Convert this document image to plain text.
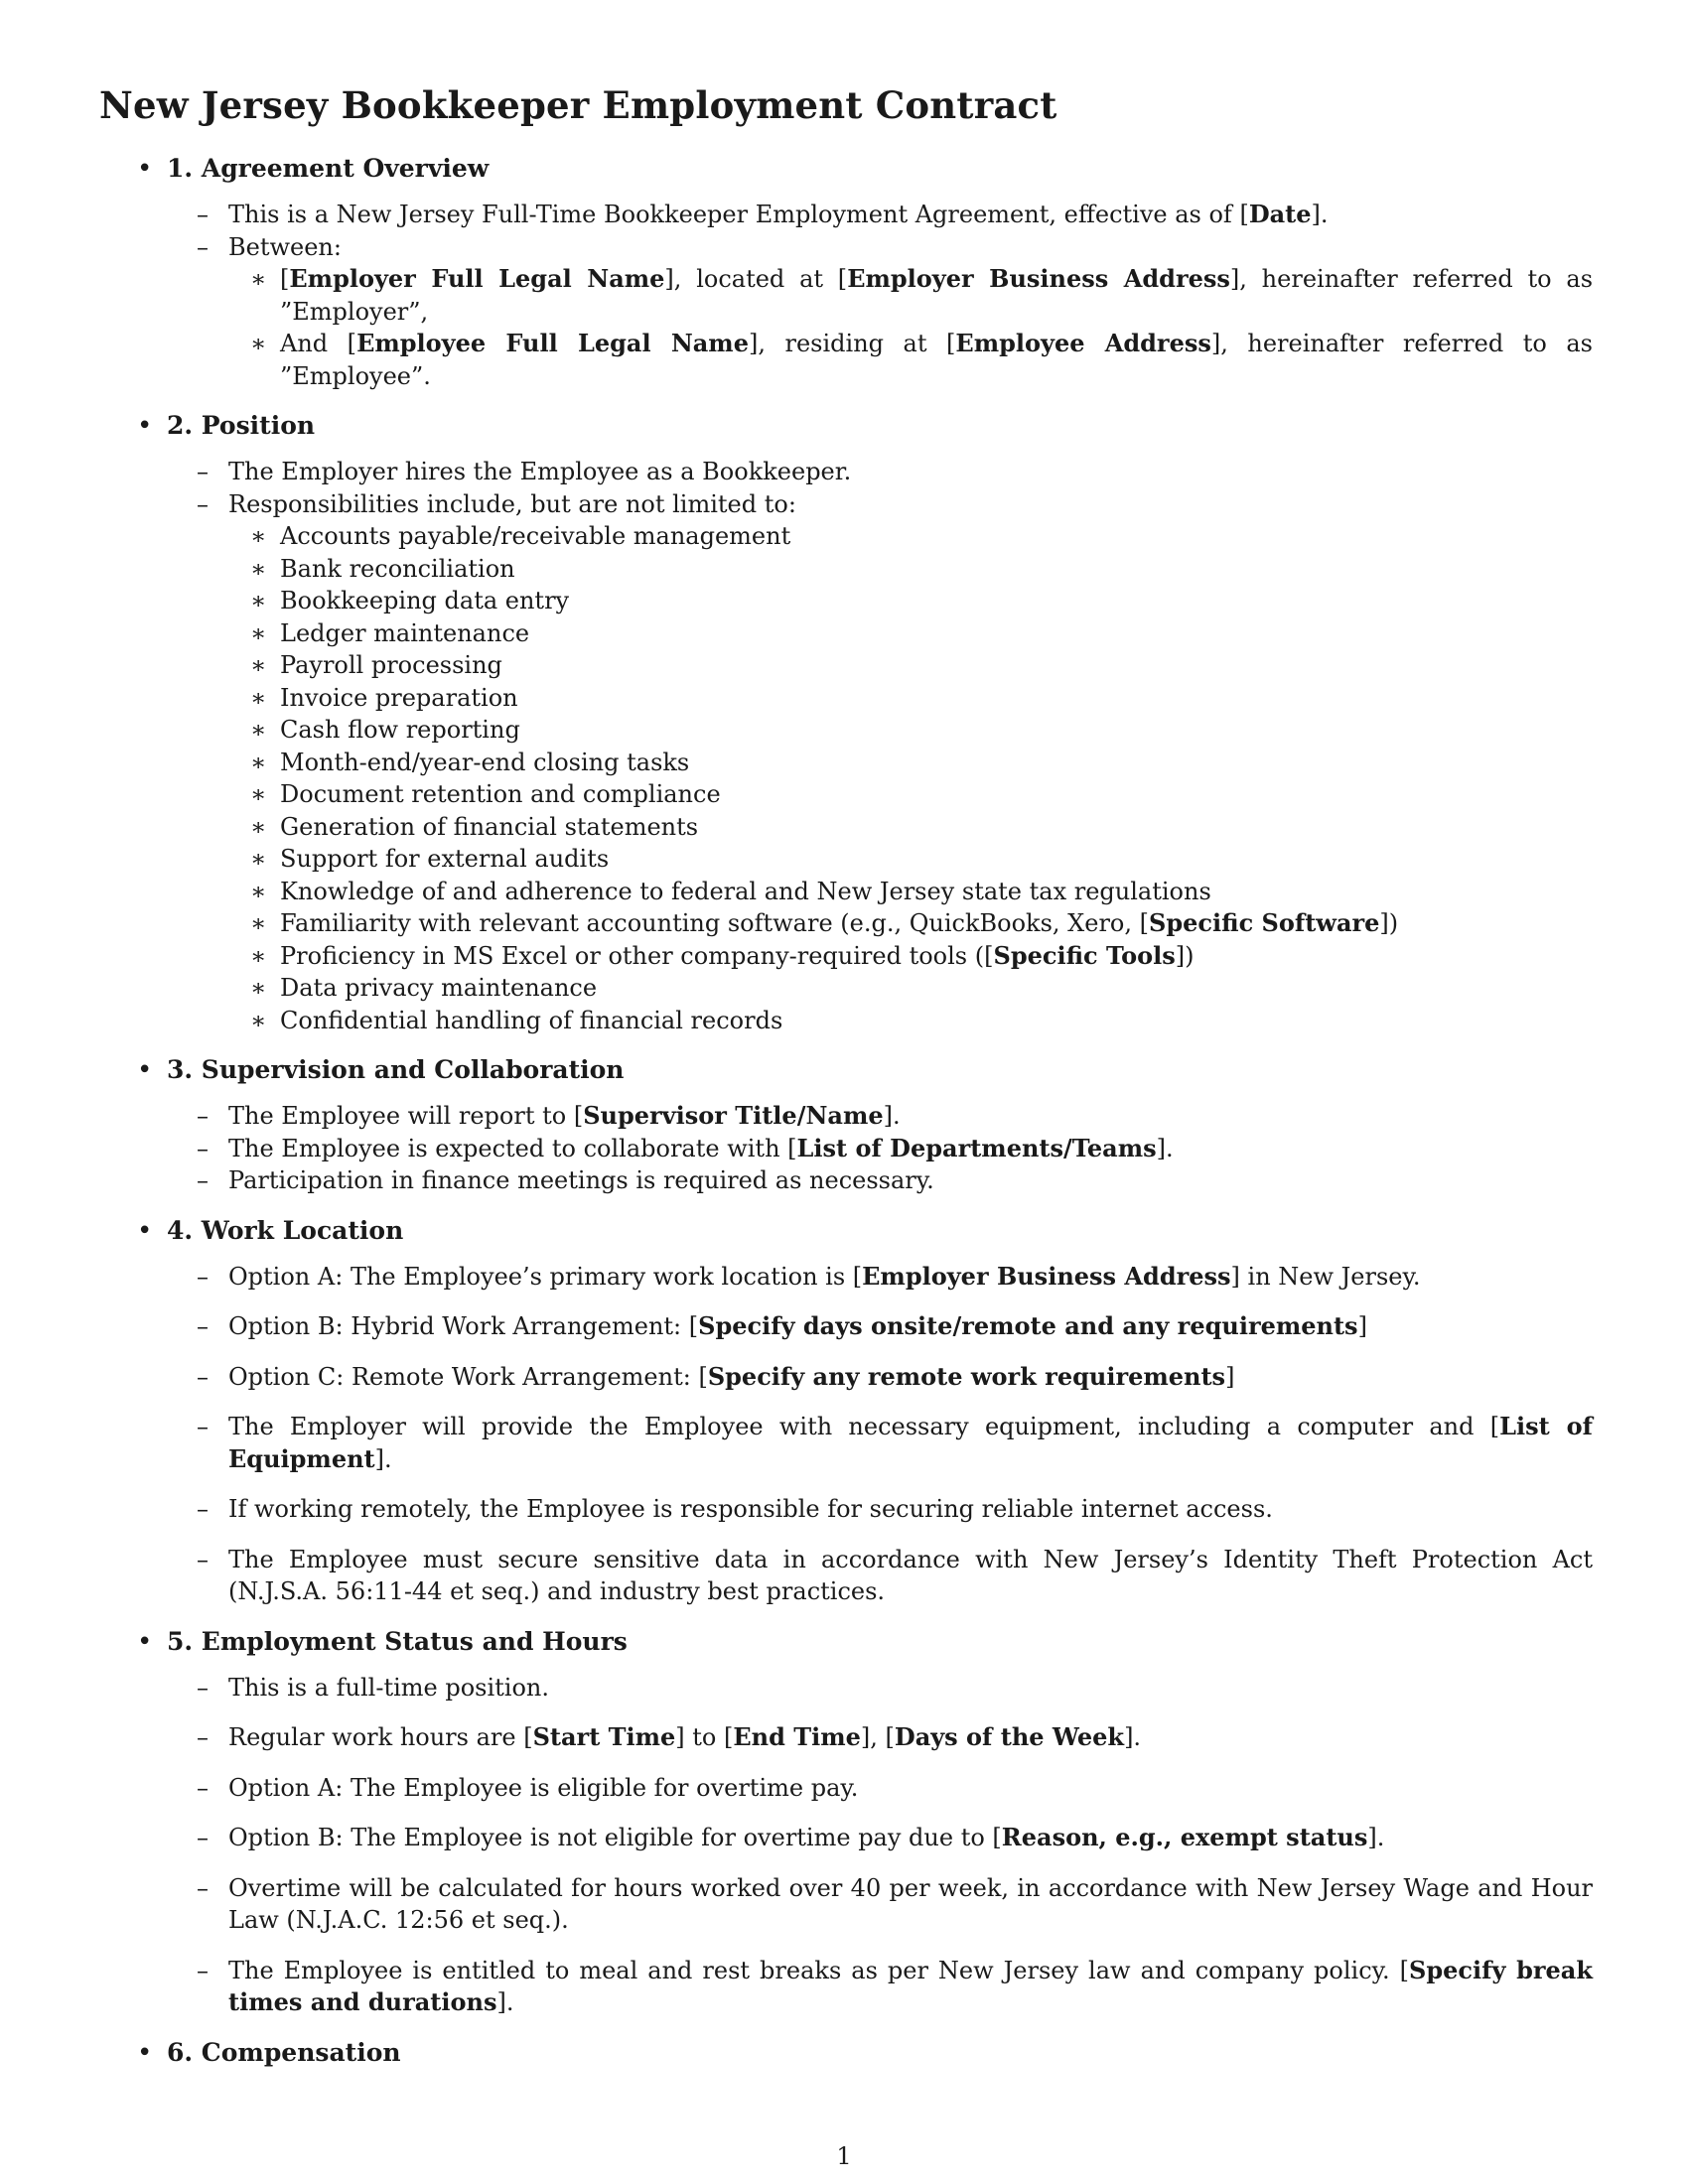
New Jersey Bookkeeper Employment Contract
• 1. Agreement Overview
– This is a New Jersey Full-Time Bookkeeper Employment Agreement, effective as of [Date].
– Between:
∗ [Employer Full Legal Name], located at [Employer Business Address], hereinafter referred to as ”Employer”,
∗ And [Employee Full Legal Name], residing at [Employee Address], hereinafter referred to as ”Employee”.
• 2. Position
– The Employer hires the Employee as a Bookkeeper.
– Responsibilities include, but are not limited to:
∗ Accounts payable/receivable management
∗ Bank reconciliation
∗ Bookkeeping data entry
∗ Ledger maintenance
∗ Payroll processing
∗ Invoice preparation
∗ Cash flow reporting
∗ Month-end/year-end closing tasks
∗ Document retention and compliance
∗ Generation of financial statements
∗ Support for external audits
∗ Knowledge of and adherence to federal and New Jersey state tax regulations
∗ Familiarity with relevant accounting software (e.g., QuickBooks, Xero, [Specific Software])
∗ Proficiency in MS Excel or other company-required tools ([Specific Tools])
∗ Data privacy maintenance
∗ Confidential handling of financial records
• 3. Supervision and Collaboration
– The Employee will report to [Supervisor Title/Name].
– The Employee is expected to collaborate with [List of Departments/Teams].
– Participation in finance meetings is required as necessary.
• 4. Work Location
– Option A: The Employee’s primary work location is [Employer Business Address] in New Jersey.
– Option B: Hybrid Work Arrangement: [Specify days onsite/remote and any requirements]
– Option C: Remote Work Arrangement: [Specify any remote work requirements]
– The Employer will provide the Employee with necessary equipment, including a computer and [List of Equipment].
– If working remotely, the Employee is responsible for securing reliable internet access.
– The Employee must secure sensitive data in accordance with New Jersey’s Identity Theft Protection Act (N.J.S.A. 56:11-44 et seq.) and industry best practices.
• 5. Employment Status and Hours
– This is a full-time position.
– Regular work hours are [Start Time] to [End Time], [Days of the Week].
– Option A: The Employee is eligible for overtime pay.
– Option B: The Employee is not eligible for overtime pay due to [Reason, e.g., exempt status].
– Overtime will be calculated for hours worked over 40 per week, in accordance with New Jersey Wage and Hour Law (N.J.A.C. 12:56 et seq.).
– The Employee is entitled to meal and rest breaks as per New Jersey law and company policy. [Specify break times and durations].
• 6. Compensation
1
